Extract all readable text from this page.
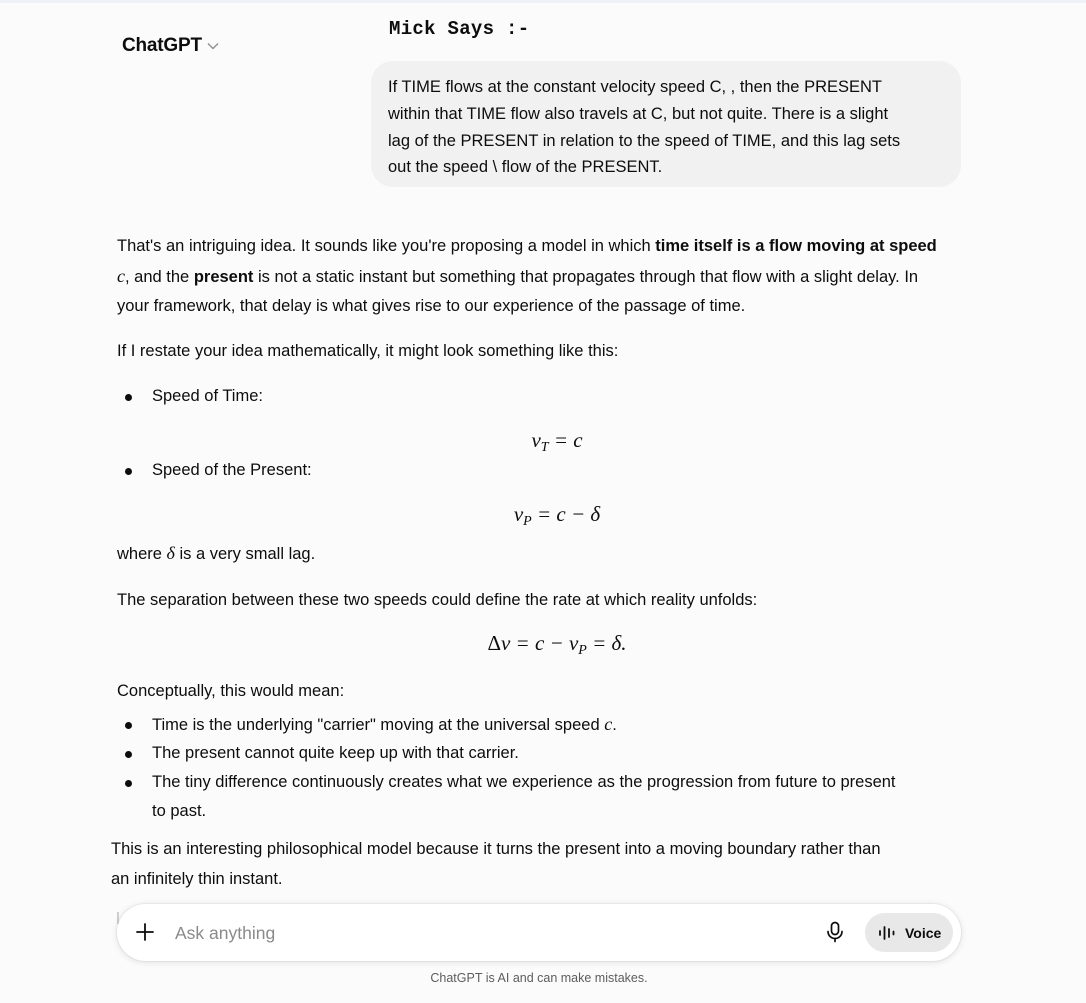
ChatGPT
Mick Says :-
If TIME flows at the constant velocity speed C, , then the PRESENT
within that TIME flow also travels at C, but not quite. There is a slight
lag of the PRESENT in relation to the speed of TIME, and this lag sets
out the speed \ flow of the PRESENT.

That's an intriguing idea. It sounds like you're proposing a model in which time itself is a flow moving at speed c, and the present is not a static instant but something that propagates through that flow with a slight delay. In your framework, that delay is what gives rise to our experience of the passage of time.

If I restate your idea mathematically, it might look something like this:

Speed of Time:
$v_T = c$
Speed of the Present:
$v_P = c - \delta$

where δ is a very small lag.

The separation between these two speeds could define the rate at which reality unfolds:

$\Delta v = c - v_P = \delta$.

Conceptually, this would mean:

Time is the underlying "carrier" moving at the universal speed c.
The present cannot quite keep up with that carrier.
The tiny difference continuously creates what we experience as the progression from future to present
to past.
This is an interesting philosophical model because it turns the present into a moving boundary rather than
an infinitely thin instant.
Ask anything
Voice
ChatGPT is AI and can make mistakes.
